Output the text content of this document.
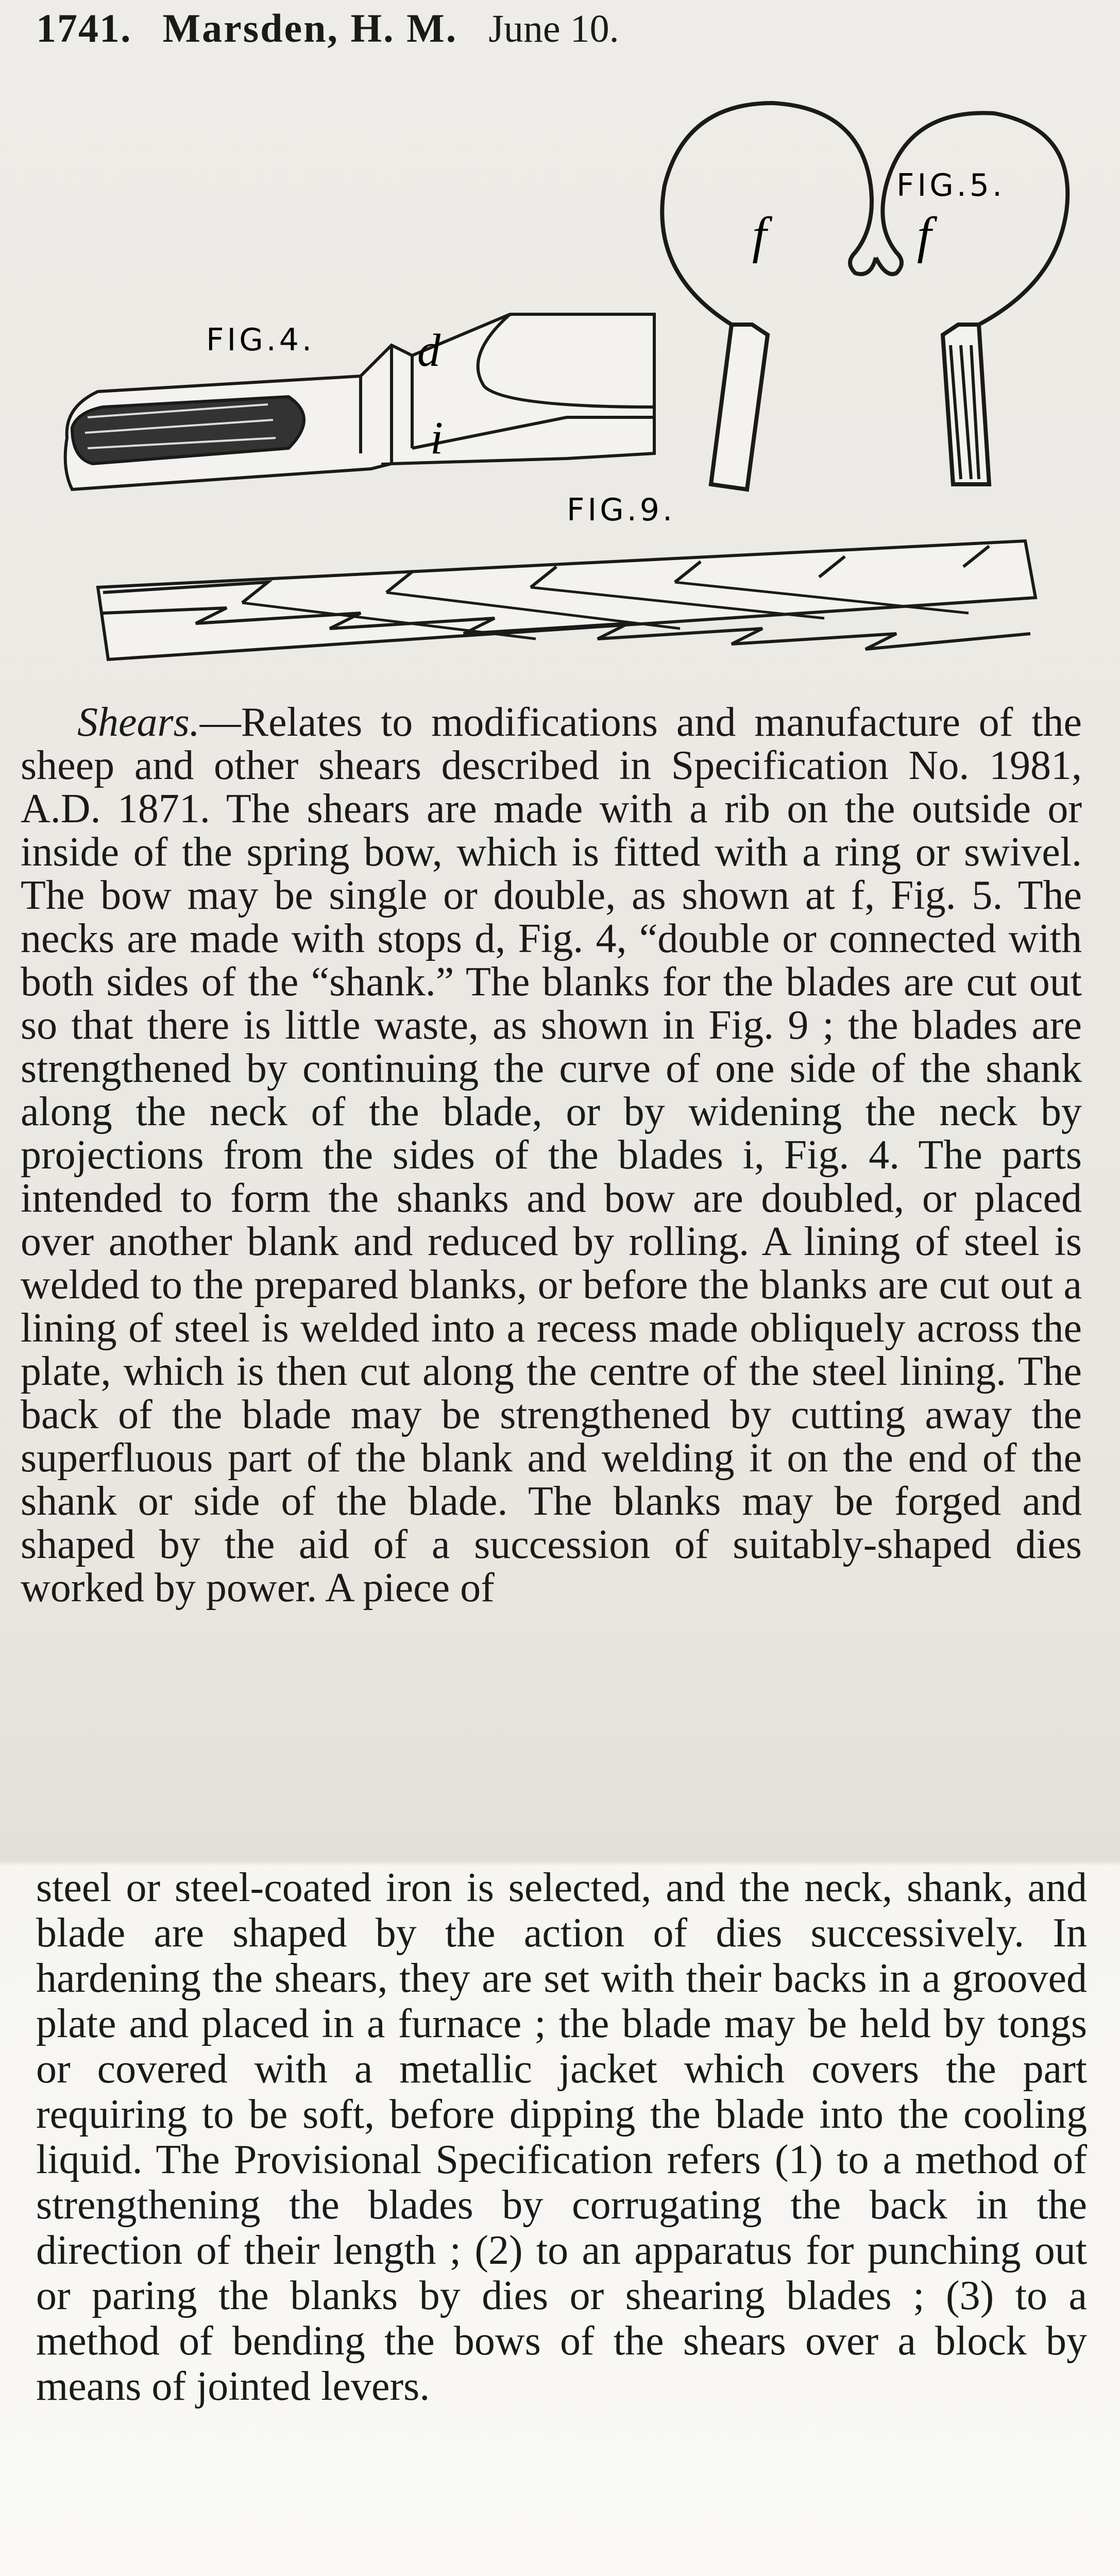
1741. Marsden, H. M. June 10.
FIG.4. d
i
FIG.5.
f	f
FIG.9.

Shears.—Relates to modifications and manufacture of the sheep and other shears described in Specification No. 1981, A.D. 1871. The shears are made with a rib on the outside or inside of the spring bow, which is fitted with a ring or swivel. The bow may be single or double, as shown at f, Fig. 5. The necks are made with stops d, Fig. 4, “double or connected with both sides of the “shank.” The blanks for the blades are cut out so that there is little waste, as shown in Fig. 9 ; the blades are strengthened by continuing the curve of one side of the shank along the neck of the blade, or by widening the neck by projections from the sides of the blades i, Fig. 4. The parts intended to form the shanks and bow are doubled, or placed over another blank and reduced by rolling. A lining of steel is welded to the prepared blanks, or before the blanks are cut out a lining of steel is welded into a recess made obliquely across the plate, which is then cut along the centre of the steel lining. The back of the blade may be strengthened by cutting away the superfluous part of the blank and welding it on the end of the shank or side of the blade. The blanks may be forged and shaped by the aid of a succession of suitably-shaped dies worked by power. A piece of

steel or steel-coated iron is selected, and the neck, shank, and blade are shaped by the action of dies successively. In hardening the shears, they are set with their backs in a grooved plate and placed in a furnace ; the blade may be held by tongs or covered with a metallic jacket which covers the part requiring to be soft, before dipping the blade into the cooling liquid. The Provisional Specification refers (1) to a method of strengthening the blades by corrugating the back in the direction of their length ; (2) to an apparatus for punching out or paring the blanks by dies or shearing blades ; (3) to a method of bending the bows of the shears over a block by means of jointed levers.
